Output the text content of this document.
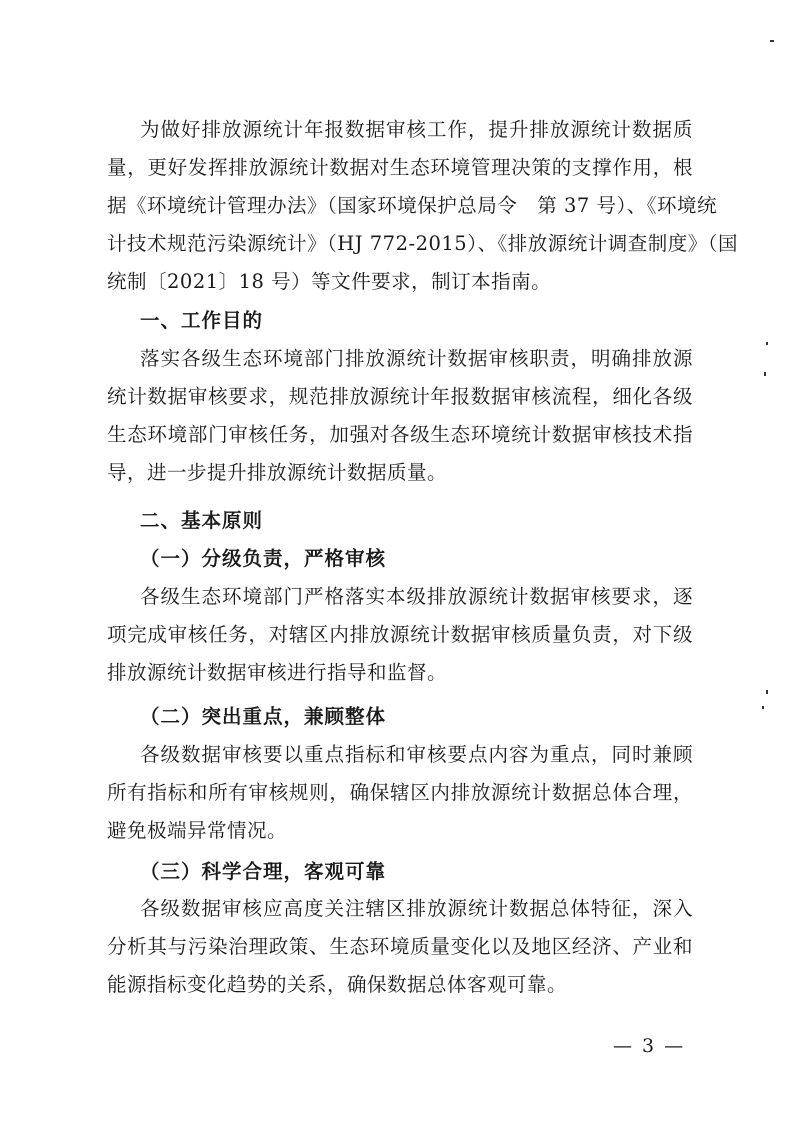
为做好排放源统计年报数据审核工作，提升排放源统计数据质
量，更好发挥排放源统计数据对生态环境管理决策的支撑作用，根
据《环境统计管理办法》（国家环境保护总局令　第 37 号）、《环境统
计技术规范污染源统计》（HJ 772-2015）、《排放源统计调查制度》（国
统制〔2021〕18 号）等文件要求，制订本指南。
一、工作目的
落实各级生态环境部门排放源统计数据审核职责，明确排放源
统计数据审核要求，规范排放源统计年报数据审核流程，细化各级
生态环境部门审核任务，加强对各级生态环境统计数据审核技术指
导，进一步提升排放源统计数据质量。
二、基本原则
（一）分级负责，严格审核
各级生态环境部门严格落实本级排放源统计数据审核要求，逐
项完成审核任务，对辖区内排放源统计数据审核质量负责，对下级
排放源统计数据审核进行指导和监督。
（二）突出重点，兼顾整体
各级数据审核要以重点指标和审核要点内容为重点，同时兼顾
所有指标和所有审核规则，确保辖区内排放源统计数据总体合理，
避免极端异常情况。
（三）科学合理，客观可靠
各级数据审核应高度关注辖区排放源统计数据总体特征，深入
分析其与污染治理政策、生态环境质量变化以及地区经济、产业和
能源指标变化趋势的关系，确保数据总体客观可靠。
— 3 —
